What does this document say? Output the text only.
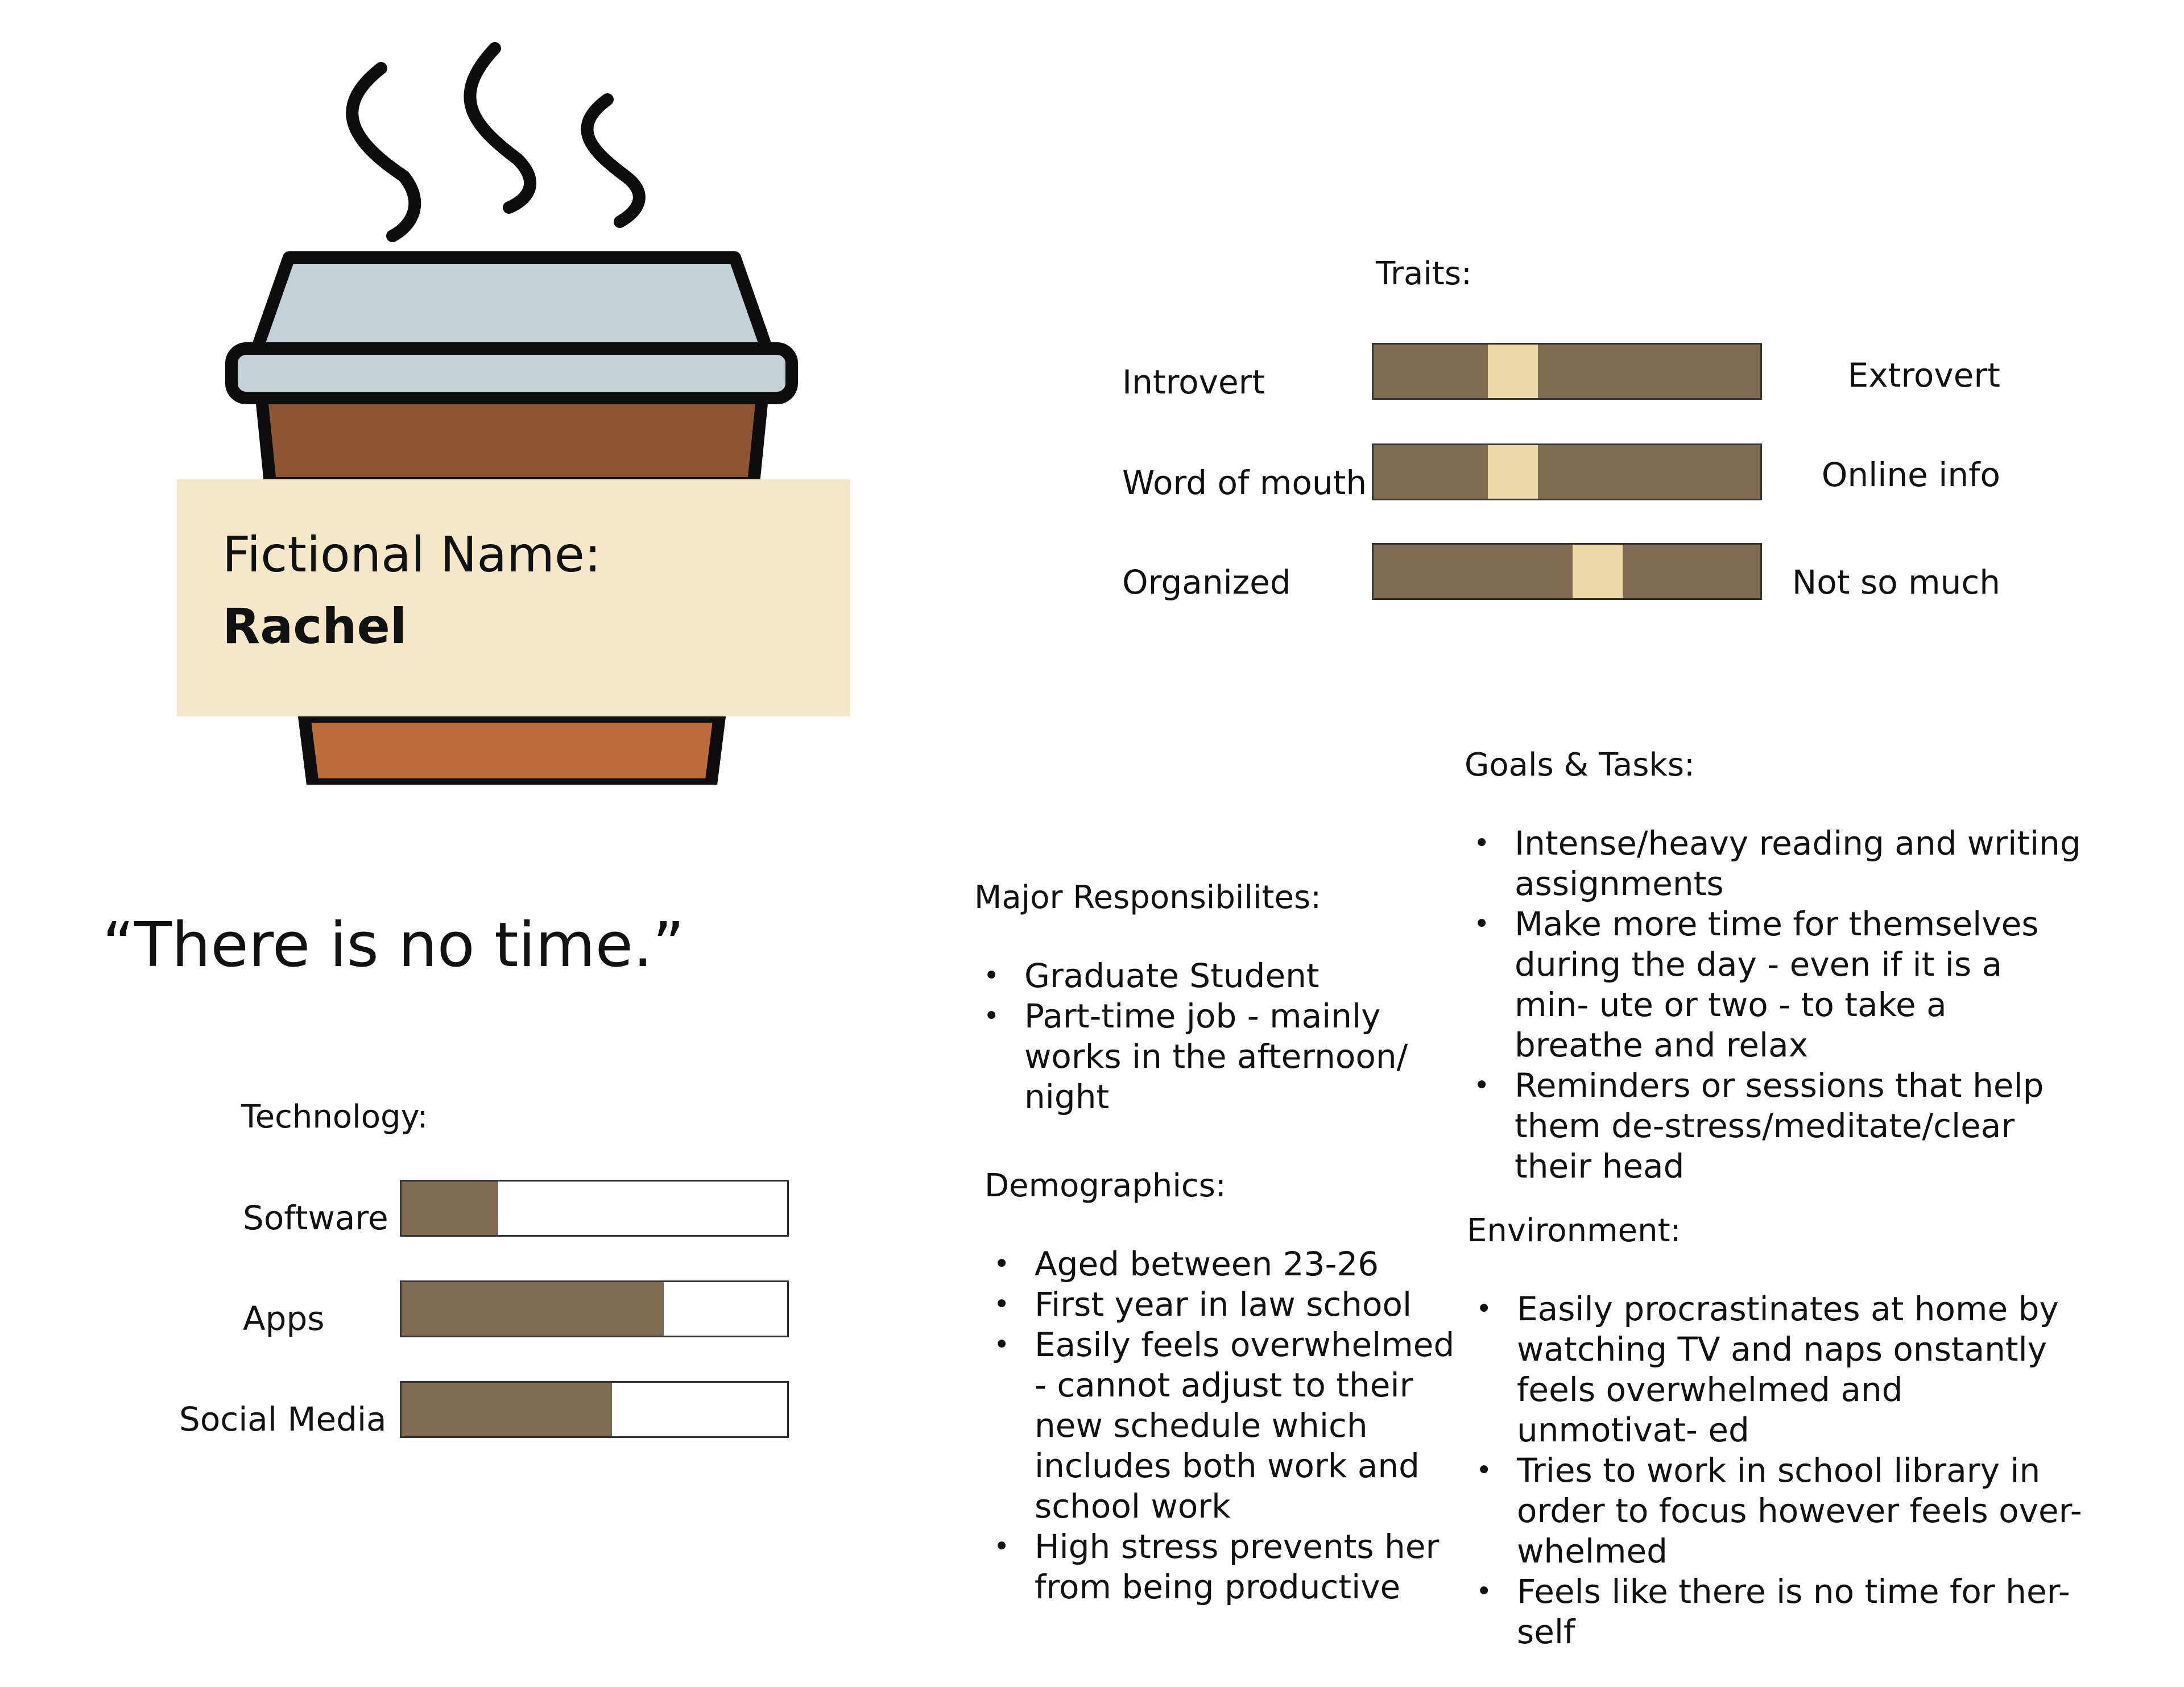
Fictional Name:
Rachel
“There is no time.”
Traits:
Introvert	Extrovert
Word of mouth	Online info
Organized	Not so much
Technology:
Software
Apps
Social Media
Major Responsibilites:
• Graduate Student
• Part-time job - mainly works in the afternoon/ night
Demographics:
• Aged between 23-26
• First year in law school
• Easily feels overwhelmed - cannot adjust to their new schedule which includes both work and school work
• High stress prevents her from being productive
Goals & Tasks:
• Intense/heavy reading and writing assignments
• Make more time for themselves during the day - even if it is a min- ute or two - to take a breathe and relax
• Reminders or sessions that help them de-stress/meditate/clear their head
Environment:
• Easily procrastinates at home by watching TV and naps onstantly feels overwhelmed and unmotivat- ed
• Tries to work in school library in order to focus however feels over- whelmed
• Feels like there is no time for her- self
